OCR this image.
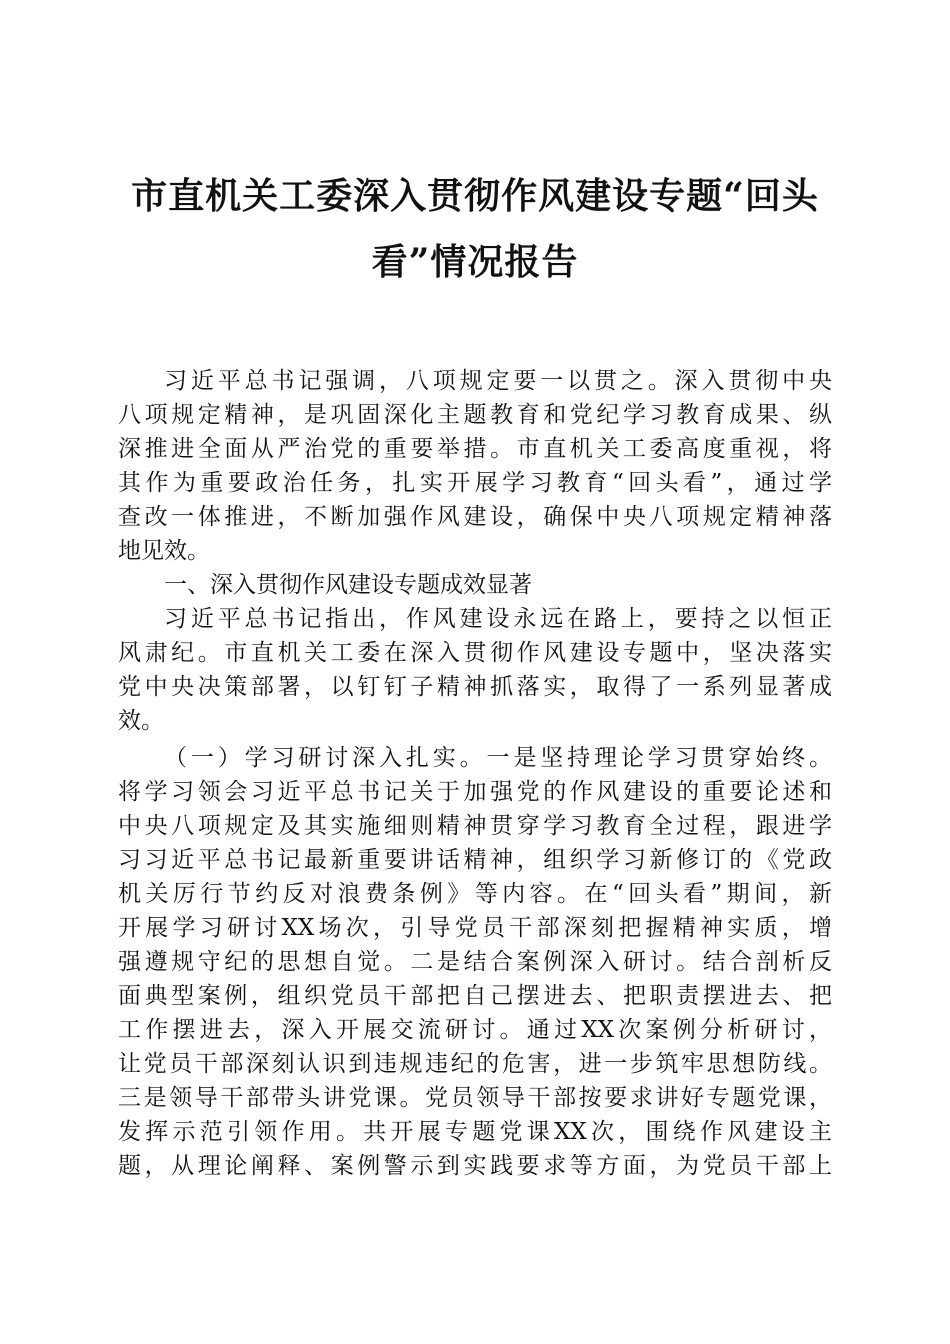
市直机关工委深入贯彻作风建设专题“回头
看”情况报告
习近平总书记强调，八项规定要一以贯之。深入贯彻中央
八项规定精神，是巩固深化主题教育和党纪学习教育成果、纵
深推进全面从严治党的重要举措。市直机关工委高度重视，将
其作为重要政治任务，扎实开展学习教育“回头看”，通过学
查改一体推进，不断加强作风建设，确保中央八项规定精神落
地见效。
一、深入贯彻作风建设专题成效显著
习近平总书记指出，作风建设永远在路上，要持之以恒正
风肃纪。市直机关工委在深入贯彻作风建设专题中，坚决落实
党中央决策部署，以钉钉子精神抓落实，取得了一系列显著成
效。
（一）学习研讨深入扎实。一是坚持理论学习贯穿始终。
将学习领会习近平总书记关于加强党的作风建设的重要论述和
中央八项规定及其实施细则精神贯穿学习教育全过程，跟进学
习习近平总书记最新重要讲话精神，组织学习新修订的《党政
机关厉行节约反对浪费条例》等内容。在“回头看”期间，新
开展学习研讨XX场次，引导党员干部深刻把握精神实质，增
强遵规守纪的思想自觉。二是结合案例深入研讨。结合剖析反
面典型案例，组织党员干部把自己摆进去、把职责摆进去、把
工作摆进去，深入开展交流研讨。通过XX次案例分析研讨，
让党员干部深刻认识到违规违纪的危害，进一步筑牢思想防线。
三是领导干部带头讲党课。党员领导干部按要求讲好专题党课，
发挥示范引领作用。共开展专题党课XX次，围绕作风建设主
题，从理论阐释、案例警示到实践要求等方面，为党员干部上
